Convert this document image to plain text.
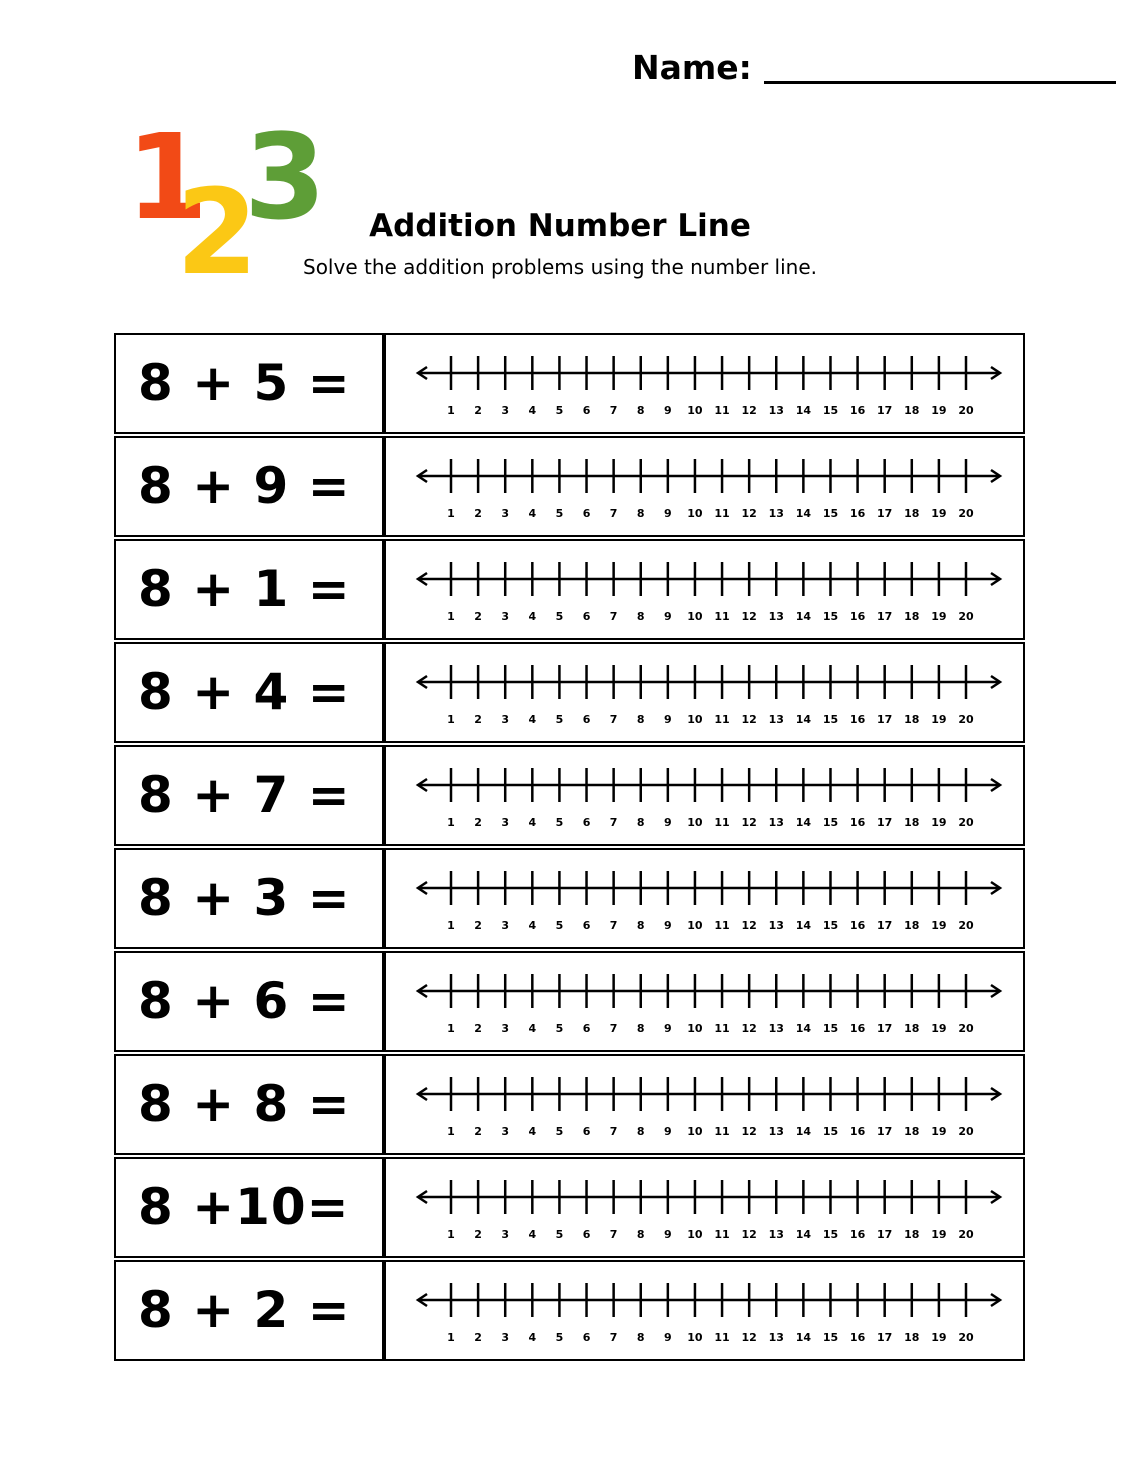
Name:
3
1
2	Addition Number Line
Solve the addition problems using the number line.
8 + 5 =	1 2 3 4 5 6 7 8 9 10 11 12 13 14 15 16 17 18 19 20
8 + 9 =	1 2 3 4 5 6 7 8 9 10 11 12 13 14 15 16 17 18 19 20
8 + 1 =	1 2 3 4 5 6 7 8 9 10 11 12 13 14 15 16 17 18 19 20
8 + 4 =	1 2 3 4 5 6 7 8 9 10 11 12 13 14 15 16 17 18 19 20
8 + 7 =	1 2 3 4 5 6 7 8 9 10 11 12 13 14 15 16 17 18 19 20
8 + 3 =	1 2 3 4 5 6 7 8 9 10 11 12 13 14 15 16 17 18 19 20
8 + 6 =	1 2 3 4 5 6 7 8 9 10 11 12 13 14 15 16 17 18 19 20
8 + 8 =	1 2 3 4 5 6 7 8 9 10 11 12 13 14 15 16 17 18 19 20
8 +10=	1 2 3 4 5 6 7 8 9 10 11 12 13 14 15 16 17 18 19 20
8 + 2 =	1 2 3 4 5 6 7 8 9 10 11 12 13 14 15 16 17 18 19 20
